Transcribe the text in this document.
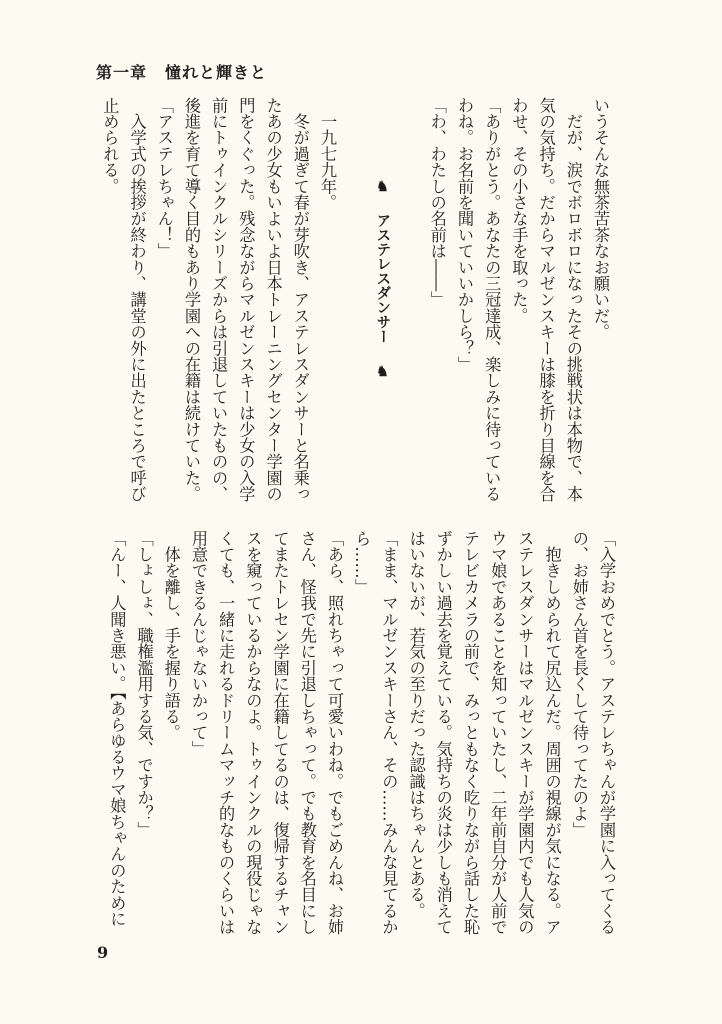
第一章 憧れと輝きと
いうそんな無茶苦茶なお願いだ。
　だが、涙でボロボロになったその挑戦状は本物で、本
気の気持ち。だからマルゼンスキーは膝を折り目線を合
わせ、その小さな手を取った。
「ありがとう。あなたの三冠達成、楽しみに待っている
わね。お名前を聞いていいかしら？」
「わ、わたしの名前は――」

♞アステレスダンサー♞

　一九七九年。
　冬が過ぎて春が芽吹き、アステレスダンサーと名乗っ
たあの少女もいよいよ日本トレーニングセンター学園の
門をくぐった。残念ながらマルゼンスキーは少女の入学
前にトゥインクルシリーズからは引退していたものの、
後進を育て導く目的もあり学園への在籍は続けていた。
「アステレちゃん！」
　入学式の挨拶が終わり、講堂の外に出たところで呼び
止められる。
「入学おめでとう。アステレちゃんが学園に入ってくる
の、お姉さん首を長くして待ってたのよ」
　抱きしめられて尻込んだ。周囲の視線が気になる。ア
ステレスダンサーはマルゼンスキーが学園内でも人気の
ウマ娘であることを知っていたし、二年前自分が人前で
テレビカメラの前で、みっともなく吃りながら話した恥
ずかしい過去を覚えている。気持ちの炎は少しも消えて
はいないが、若気の至りだった認識はちゃんとある。
「まま、マルゼンスキーさん、その……みんな見てるか
ら……」
「あら、照れちゃって可愛いわね。でもごめんね、お姉
さん、怪我で先に引退しちゃって。でも教育を名目にし
てまたトレセン学園に在籍してるのは、復帰するチャン
スを窺っているからなのよ。トゥインクルの現役じゃな
くても、一緒に走れるドリームマッチ的なものくらいは
用意できるんじゃないかって」
　体を離し、手を握り語る。
「しょしょ、職権濫用する気、ですか？」
「んー、人聞き悪い。【あらゆるウマ娘ちゃんのために
9
